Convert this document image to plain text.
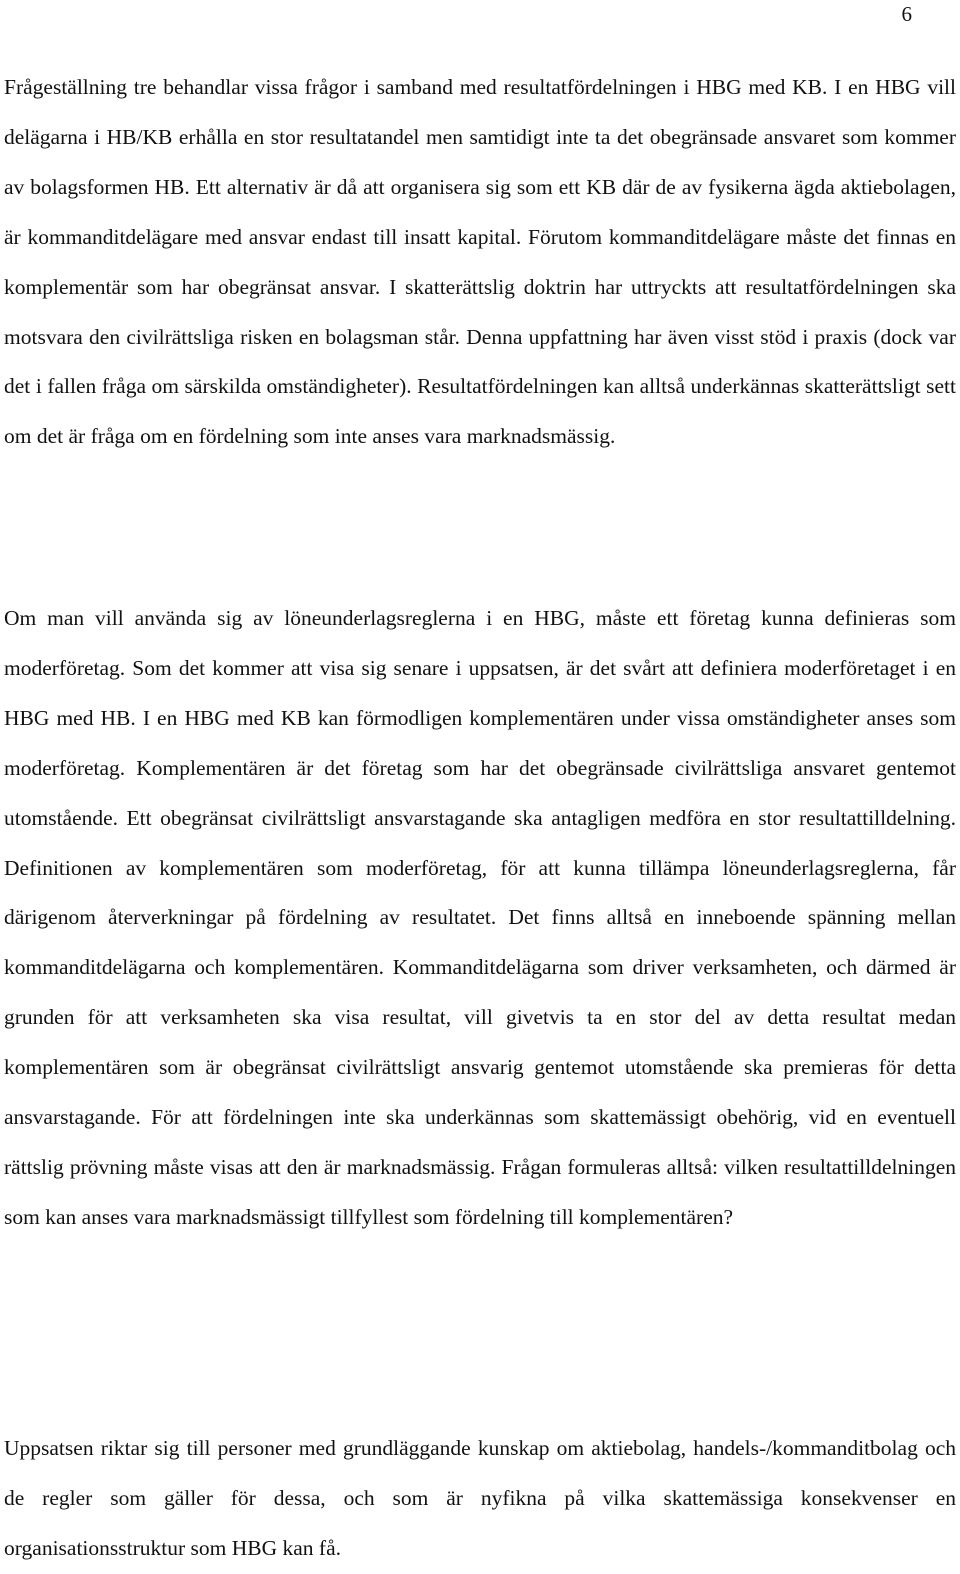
6

Frågeställning tre behandlar vissa frågor i samband med resultatfördelningen i HBG med KB. I en HBG vill delägarna i HB/KB erhålla en stor resultatandel men samtidigt inte ta det obegränsade ansvaret som kommer av bolagsformen HB. Ett alternativ är då att organisera sig som ett KB där de av fysikerna ägda aktiebolagen, är kommanditdelägare med ansvar endast till insatt kapital. Förutom kommanditdelägare måste det finnas en komplementär som har obegränsat ansvar. I skatterättslig doktrin har uttryckts att resultatfördelningen ska motsvara den civilrättsliga risken en bolagsman står. Denna uppfattning har även visst stöd i praxis (dock var det i fallen fråga om särskilda omständigheter). Resultatfördelningen kan alltså underkännas skatterättsligt sett om det är fråga om en fördelning som inte anses vara marknadsmässig.

Om man vill använda sig av löneunderlagsreglerna i en HBG, måste ett företag kunna definieras som moderföretag. Som det kommer att visa sig senare i uppsatsen, är det svårt att definiera moderföretaget i en HBG med HB. I en HBG med KB kan förmodligen komplementären under vissa omständigheter anses som moderföretag. Komplementären är det företag som har det obegränsade civilrättsliga ansvaret gentemot utomstående. Ett obegränsat civilrättsligt ansvarstagande ska antagligen medföra en stor resultattilldelning. Definitionen av komplementären som moderföretag, för att kunna tillämpa löneunderlagsreglerna, får därigenom återverkningar på fördelning av resultatet. Det finns alltså en inneboende spänning mellan kommanditdelägarna och komplementären. Kommanditdelägarna som driver verksamheten, och därmed är grunden för att verksamheten ska visa resultat, vill givetvis ta en stor del av detta resultat medan komplementären som är obegränsat civilrättsligt ansvarig gentemot utomstående ska premieras för detta ansvarstagande. För att fördelningen inte ska underkännas som skattemässigt obehörig, vid en eventuell rättslig prövning måste visas att den är marknadsmässig. Frågan formuleras alltså: vilken resultattilldelningen som kan anses vara marknadsmässigt tillfyllest som fördelning till komplementären?

Uppsatsen riktar sig till personer med grundläggande kunskap om aktiebolag, handels-/kommanditbolag och de regler som gäller för dessa, och som är nyfikna på vilka skattemässiga konsekvenser en organisationsstruktur som HBG kan få.
